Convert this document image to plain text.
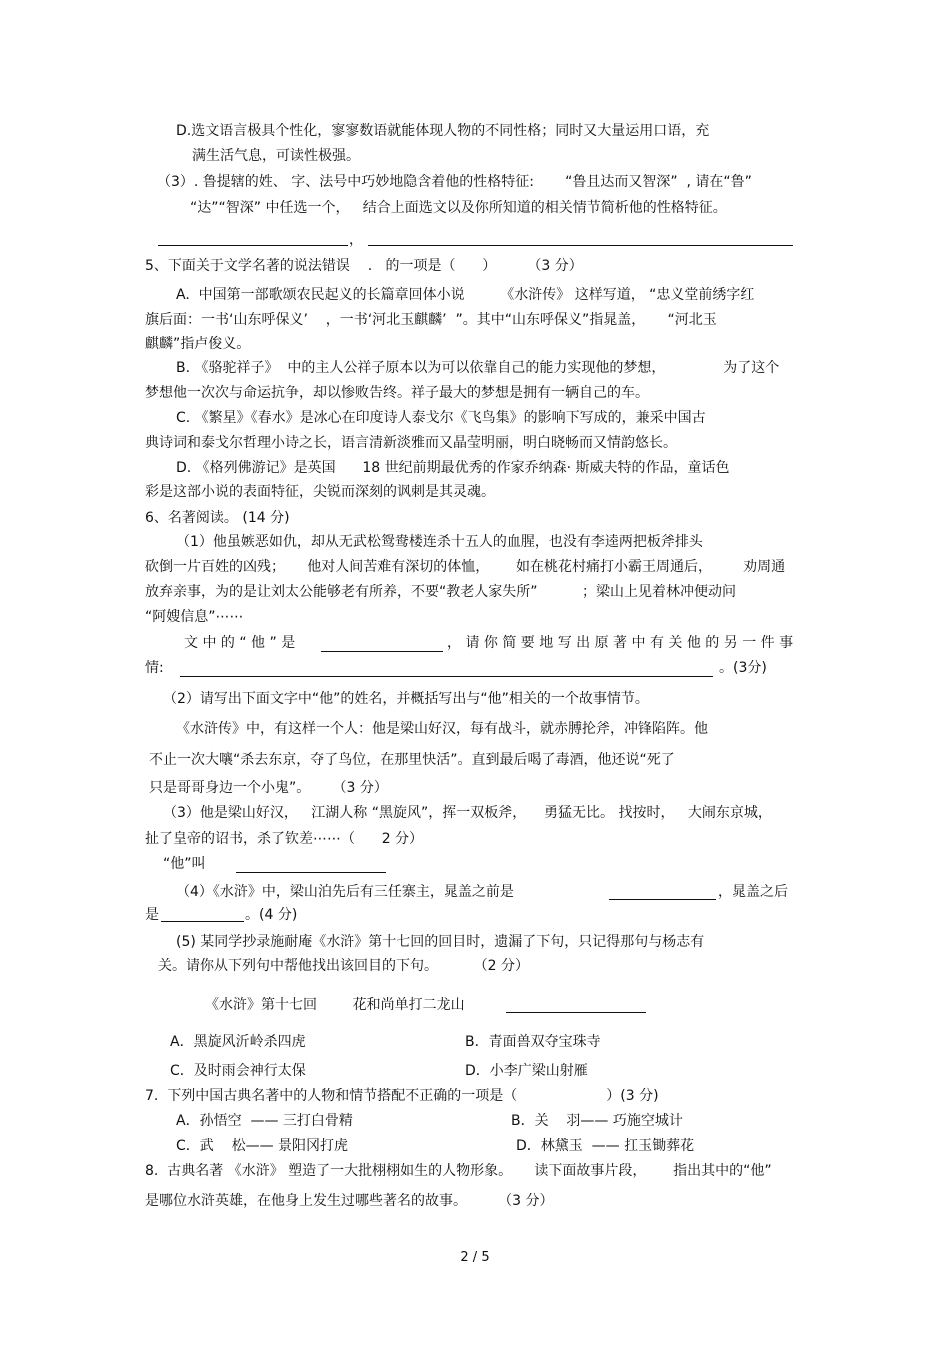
D.选文语言极具个性化，寥寥数语就能体现人物的不同性格；同时又大量运用口语，充
满生活气息，可读性极强。
（3）. 鲁提辖的姓、 字、法号中巧妙地隐含着他的性格特征:       “鲁且达而又智深”  , 请在“鲁”
“达”“智深” 中任选一个，   结合上面选文以及你所知道的相关情节简析他的性格特征。
，
5、下面关于文学名著的说法错误    .   的一项是（      ）       （3 分）
A.  中国第一部歌颂农民起义的长篇章回体小说        《水浒传》 这样写道， “忠义堂前绣字红
旗后面：一书‘山东呼保义’    ，一书‘河北玉麒麟’  ”。其中“山东呼保义”指晁盖，     “河北玉
麒麟”指卢俊义。
B. 《骆驼祥子》  中的主人公祥子原本以为可以依靠自己的能力实现他的梦想，             为了这个
梦想他一次次与命运抗争，却以惨败告终。祥子最大的梦想是拥有一辆自己的车。
C. 《繁星》《春水》是冰心在印度诗人泰戈尔《飞鸟集》的影响下写成的，兼采中国古
典诗词和泰戈尔哲理小诗之长，语言清新淡雅而又晶莹明丽，明白晓畅而又情韵悠长。
D. 《格列佛游记》是英国      18 世纪前期最优秀的作家乔纳森· 斯威夫特的作品，童话色
彩是这部小说的表面特征，尖锐而深刻的讽刺是其灵魂。
6、名著阅读。 (14 分)
（1）他虽嫉恶如仇，却从无武松鸳鸯楼连杀十五人的血腥，也没有李逵两把板斧排头
砍倒一片百姓的凶残；     他对人间苦难有深切的体恤，      如在桃花村痛打小霸王周通后，       劝周通
放弃亲事，为的是让刘太公能够老有所养，不要“教老人家失所”          ；梁山上见着林冲便动问
“阿嫂信息”⋯⋯
文 中 的 “ 他 ” 是	， 请 你 简 要 地 写 出 原 著 中 有 关 他 的 另 一 件 事
情:	。(3分)
（2）请写出下面文字中“他”的姓名，并概括写出与“他”相关的一个故事情节。
《水浒传》中，有这样一个人：他是梁山好汉，每有战斗，就赤膊抡斧，冲锋陷阵。他
不止一次大嚷“杀去东京，夺了鸟位，在那里快活”。直到最后喝了毒酒，他还说“死了
只是哥哥身边一个小鬼”。     （3 分）
（3）他是梁山好汉，   江湖人称 “黑旋风”，挥一双板斧，    勇猛无比。 找按时，   大闹东京城，
扯了皇帝的诏书，杀了钦差⋯⋯（      2 分）
“他”叫
（4）《水浒》中，梁山泊先后有三任寨主，晁盖之前是	，晁盖之后
是	。(4 分)
(5) 某同学抄录施耐庵《水浒》第十七回的回目时，遗漏了下句，只记得那句与杨志有
关。请你从下列句中帮他找出该回目的下句。        （2 分）
《水浒》第十七回        花和尚单打二龙山
A．黑旋风沂岭杀四虎	B．青面兽双夺宝珠寺
C．及时雨会神行太保	D．小李广梁山射雁
7.  下列中国古典名著中的人物和情节搭配不正确的一项是（                    ）(3 分)
A．孙悟空  —— 三打白骨精	B．关    羽—— 巧施空城计
C．武    松—— 景阳冈打虎	D．林黛玉  —— 扛玉锄葬花
8.  古典名著 《水浒》 塑造了一大批栩栩如生的人物形象。     读下面故事片段，      指出其中的“他”
是哪位水浒英雄，在他身上发生过哪些著名的故事。       （3 分）
2 / 5
